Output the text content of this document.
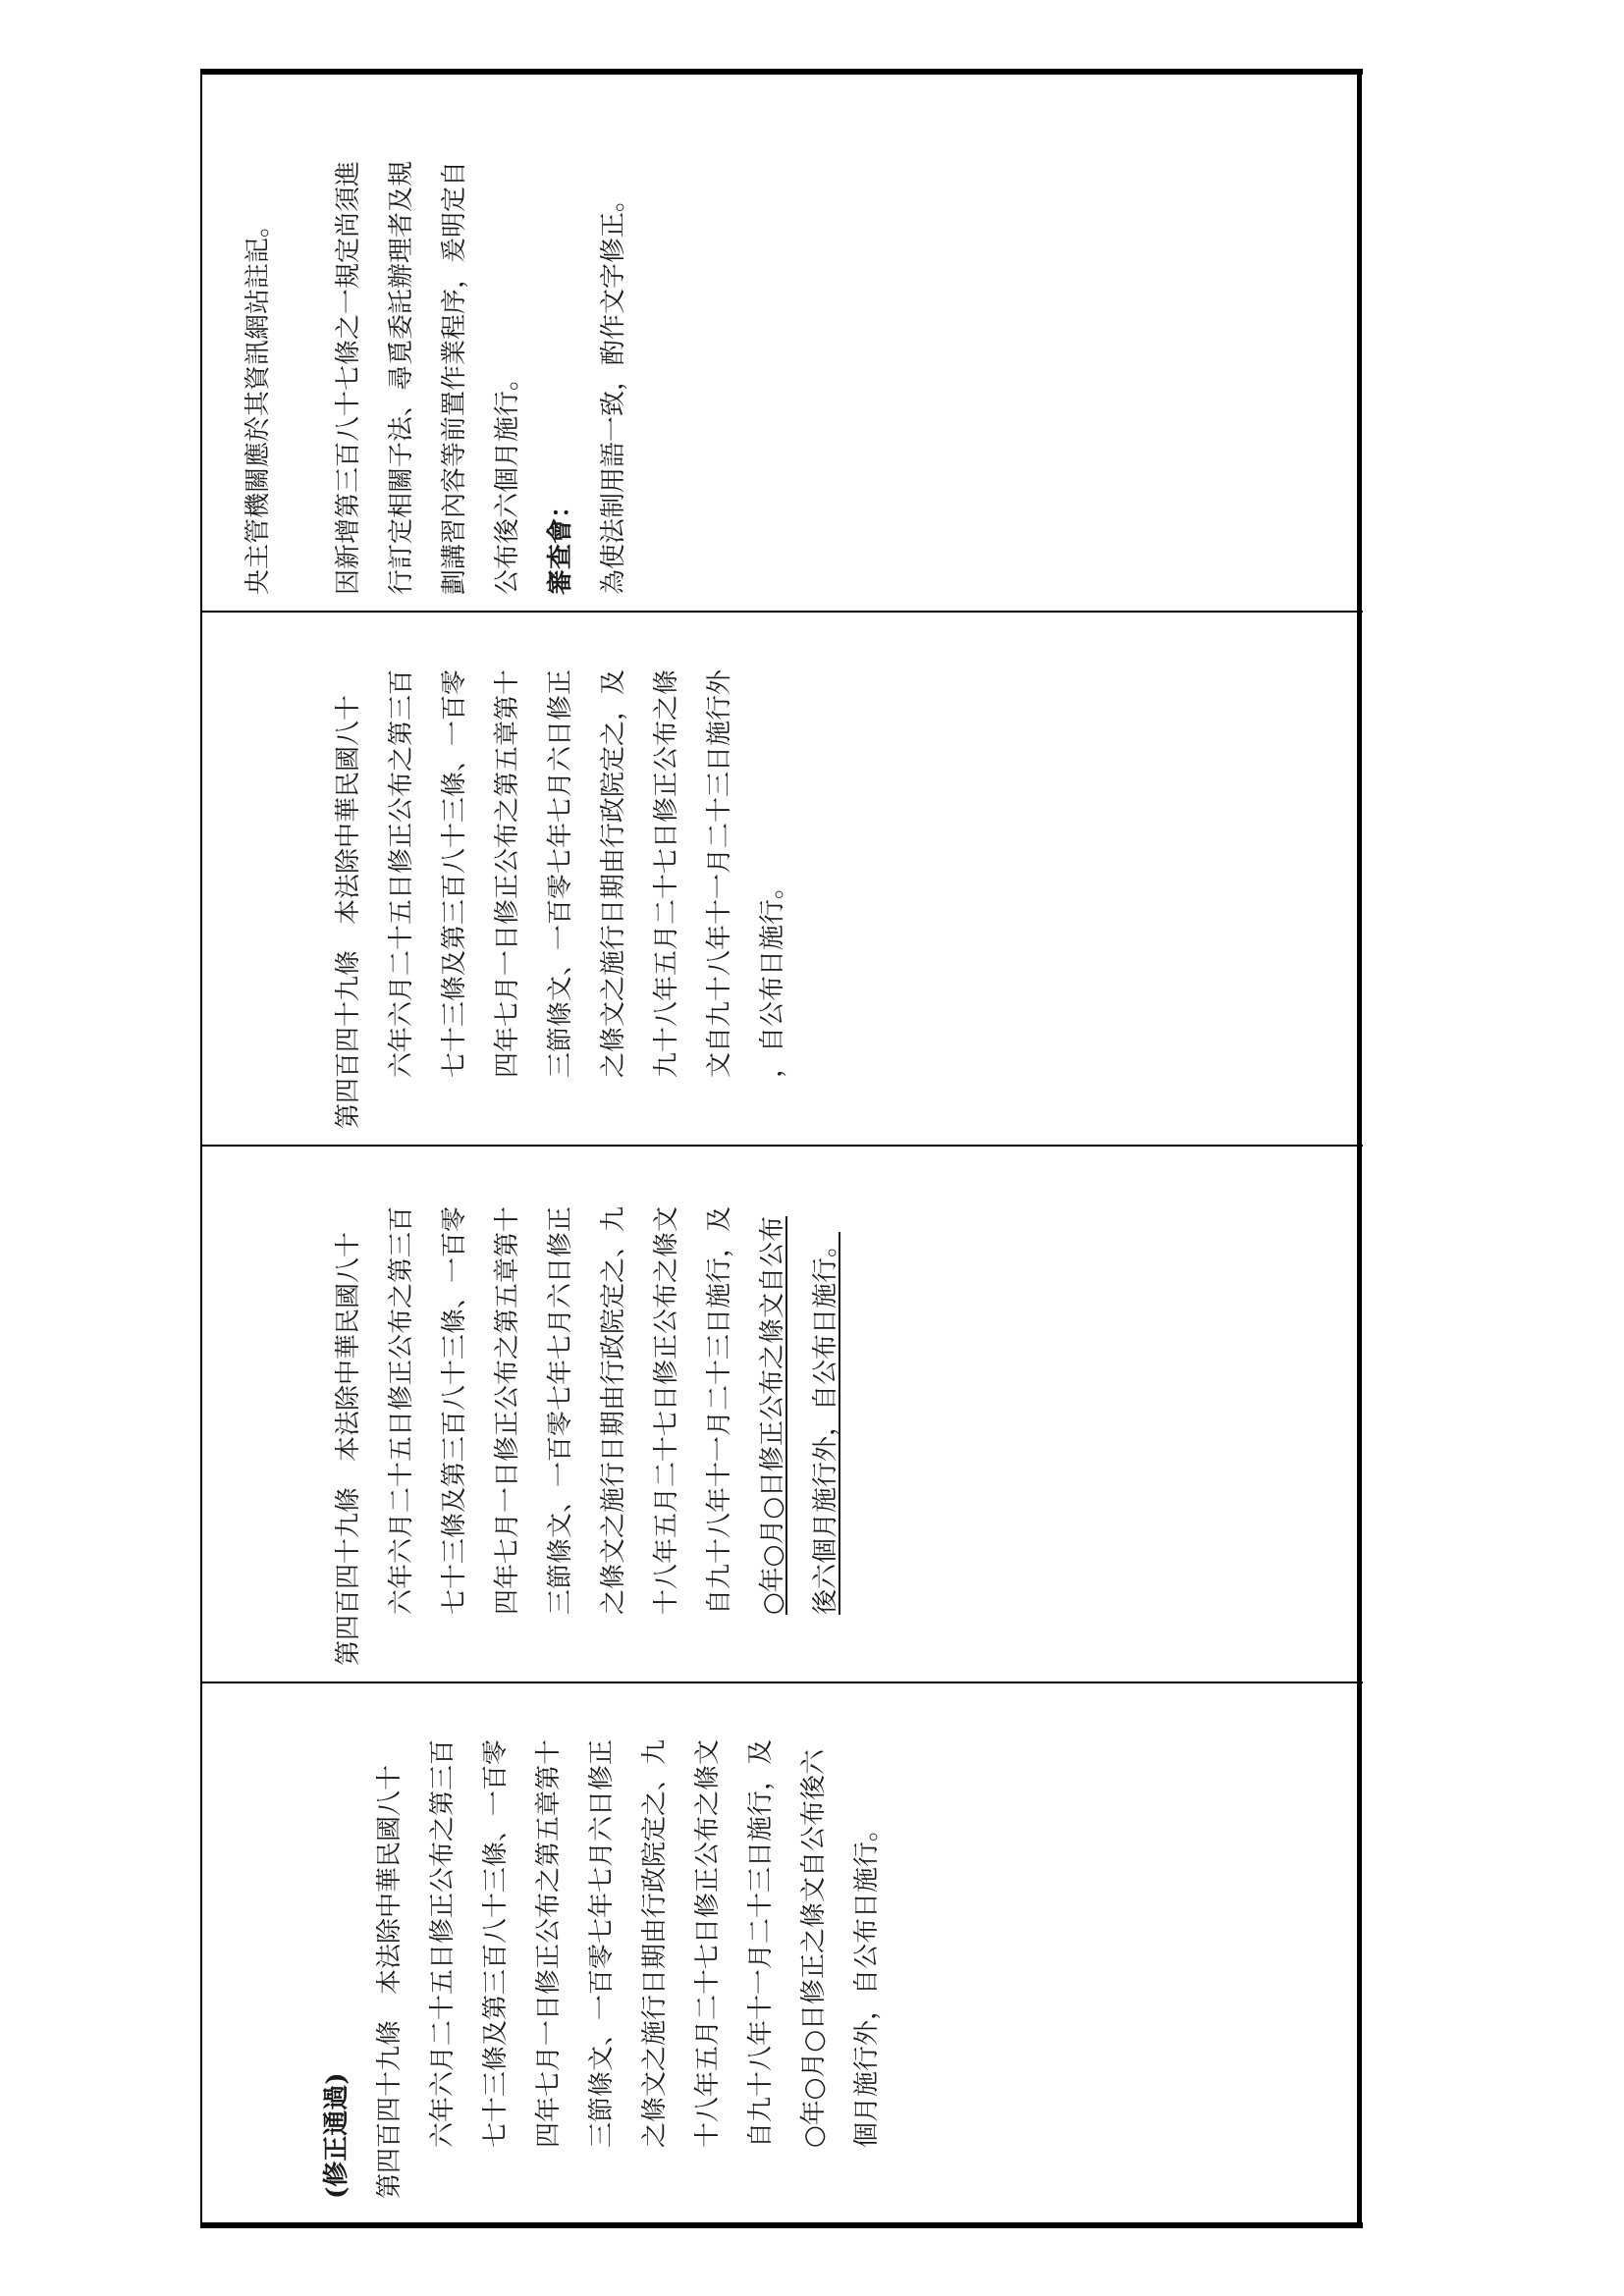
央主管機關應於其資訊網站註記。	因新增第三百八十七條之一規定尚須進 行訂定相關子法、尋覓委託辦理者及規 劃講習內容等前置作業程序，爰明定自 公布後六個月施行。 審查會： 為使法制用語一致，酌作文字修正。
第四百四十九條　本法除中華民國八十 六年六月二十五日修正公布之第三百 七十三條及第三百八十三條、一百零 四年七月一日修正公布之第五章第十 三節條文、一百零七年七月六日修正 之條文之施行日期由行政院定之，及 九十八年五月二十七日修正公布之條 文自九十八年十一月二十三日施行外 ，自公布日施行。
第四百四十九條　本法除中華民國八十 六年六月二十五日修正公布之第三百 七十三條及第三百八十三條、一百零 四年七月一日修正公布之第五章第十 三節條文、一百零七年七月六日修正 之條文之施行日期由行政院定之、九 十八年五月二十七日修正公布之條文 自九十八年十一月二十三日施行，及 ○年○月○日修正公布之條文自公布 後六個月施行外，自公布日施行。
(修正通過) 第四百四十九條　本法除中華民國八十 六年六月二十五日修正公布之第三百 七十三條及第三百八十三條、一百零 四年七月一日修正公布之第五章第十 三節條文、一百零七年七月六日修正 之條文之施行日期由行政院定之、九 十八年五月二十七日修正公布之條文 自九十八年十一月二十三日施行，及 ○年○月○日修正之條文自公布後六 個月施行外，自公布日施行。
